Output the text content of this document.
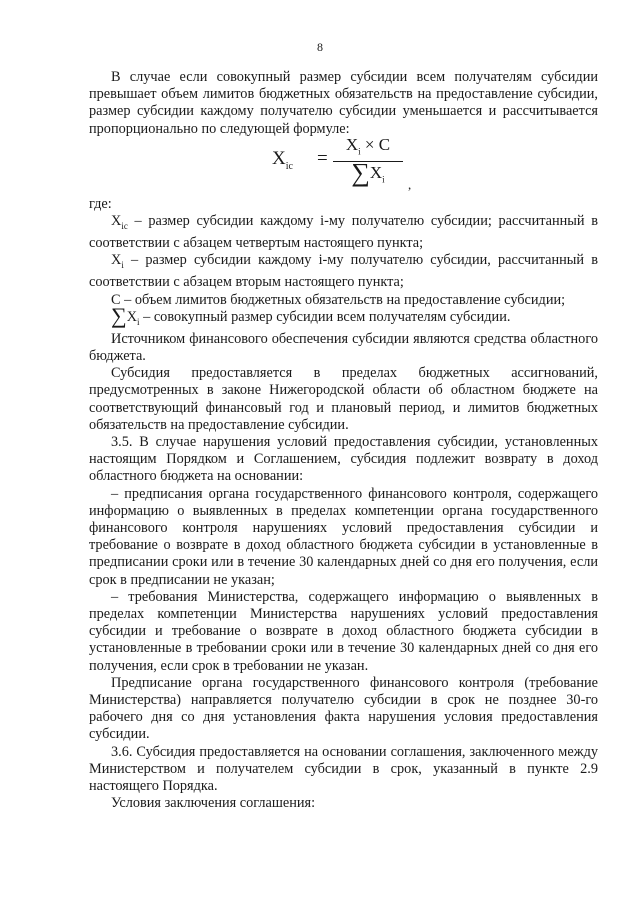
8

В случае если совокупный размер субсидии всем получателям субсидии превышает объем лимитов бюджетных обязательств на предоставление субсидии, размер субсидии каждому получателю субсидии уменьшается и рассчитывается пропорционально по следующей формуле:

$X_{ic} = \frac{X_i \times C}{\sum X_i}$ ,

где:

$X_{ic}$ – размер субсидии каждому i-му получателю субсидии; рассчитанный в соответствии с абзацем четвертым настоящего пункта;

$X_i$ – размер субсидии каждому i-му получателю субсидии, рассчитанный в соответствии с абзацем вторым настоящего пункта;

С – объем лимитов бюджетных обязательств на предоставление субсидии;

$\sum X_i$ – совокупный размер субсидии всем получателям субсидии.

Источником финансового обеспечения субсидии являются средства областного бюджета.

Субсидия предоставляется в пределах бюджетных ассигнований, предусмотренных в законе Нижегородской области об областном бюджете на соответствующий финансовый год и плановый период, и лимитов бюджетных обязательств на предоставление субсидии.

3.5. В случае нарушения условий предоставления субсидии, установленных настоящим Порядком и Соглашением, субсидия подлежит возврату в доход областного бюджета на основании:

– предписания органа государственного финансового контроля, содержащего информацию о выявленных в пределах компетенции органа государственного финансового контроля нарушениях условий предоставления субсидии и требование о возврате в доход областного бюджета субсидии в установленные в предписании сроки или в течение 30 календарных дней со дня его получения, если срок в предписании не указан;

– требования Министерства, содержащего информацию о выявленных в пределах компетенции Министерства нарушениях условий предоставления субсидии и требование о возврате в доход областного бюджета субсидии в установленные в требовании сроки или в течение 30 календарных дней со дня его получения, если срок в требовании не указан.

Предписание органа государственного финансового контроля (требование Министерства) направляется получателю субсидии в срок не позднее 30-го рабочего дня со дня установления факта нарушения условия предоставления субсидии.

3.6. Субсидия предоставляется на основании соглашения, заключенного между Министерством и получателем субсидии в срок, указанный в пункте 2.9 настоящего Порядка.

Условия заключения соглашения:
